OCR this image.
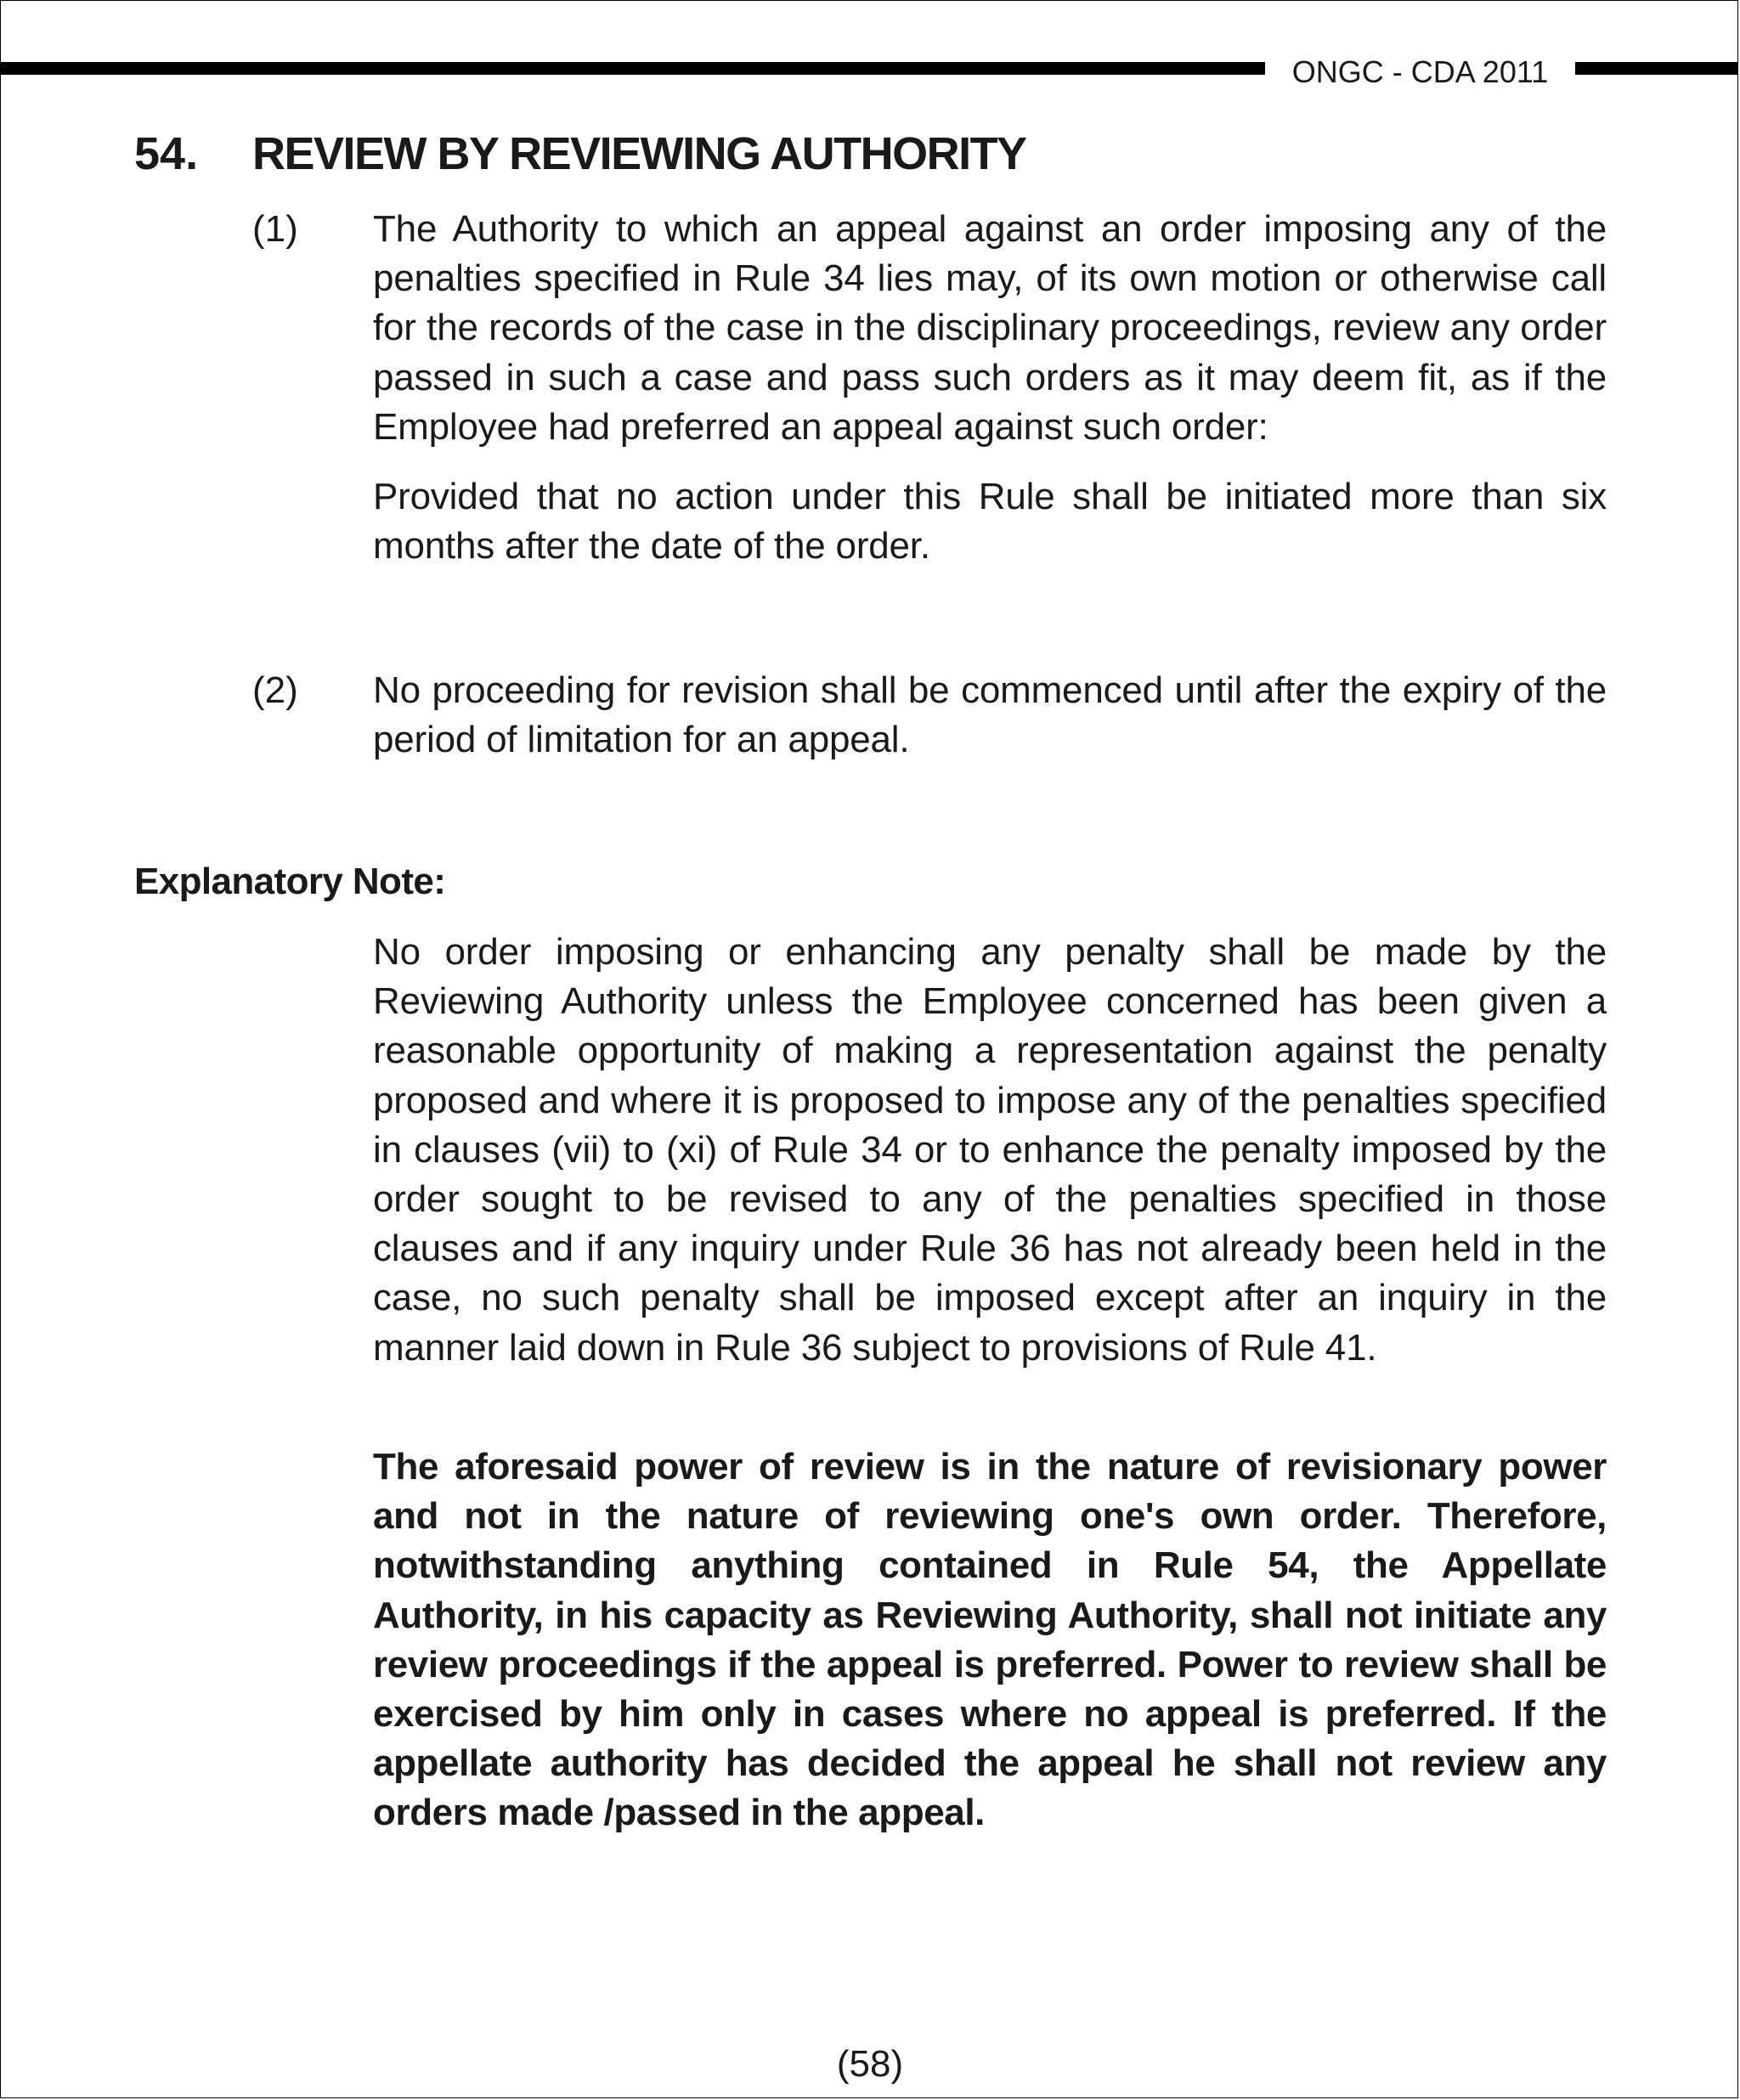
ONGC - CDA 2011
54. REVIEW BY REVIEWING AUTHORITY
(1) The Authority to which an appeal against an order imposing any of the penalties specified in Rule 34 lies may, of its own motion or otherwise call for the records of the case in the disciplinary proceedings, review any order passed in such a case and pass such orders as it may deem fit, as if the Employee had preferred an appeal against such order:

Provided that no action under this Rule shall be initiated more than six months after the date of the order.

(2) No proceeding for revision shall be commenced until after the expiry of the period of limitation for an appeal.

Explanatory Note:

No order imposing or enhancing any penalty shall be made by the Reviewing Authority unless the Employee concerned has been given a reasonable opportunity of making a representation against the penalty proposed and where it is proposed to impose any of the penalties specified in clauses (vii) to (xi) of Rule 34 or to enhance the penalty imposed by the order sought to be revised to any of the penalties specified in those clauses and if any inquiry under Rule 36 has not already been held in the case, no such penalty shall be imposed except after an inquiry in the manner laid down in Rule 36 subject to provisions of Rule 41.

The aforesaid power of review is in the nature of revisionary power and not in the nature of reviewing one's own order. Therefore, notwithstanding anything contained in Rule 54, the Appellate Authority, in his capacity as Reviewing Authority, shall not initiate any review proceedings if the appeal is preferred. Power to review shall be exercised by him only in cases where no appeal is preferred. If the appellate authority has decided the appeal he shall not review any orders made /passed in the appeal.

(58)
